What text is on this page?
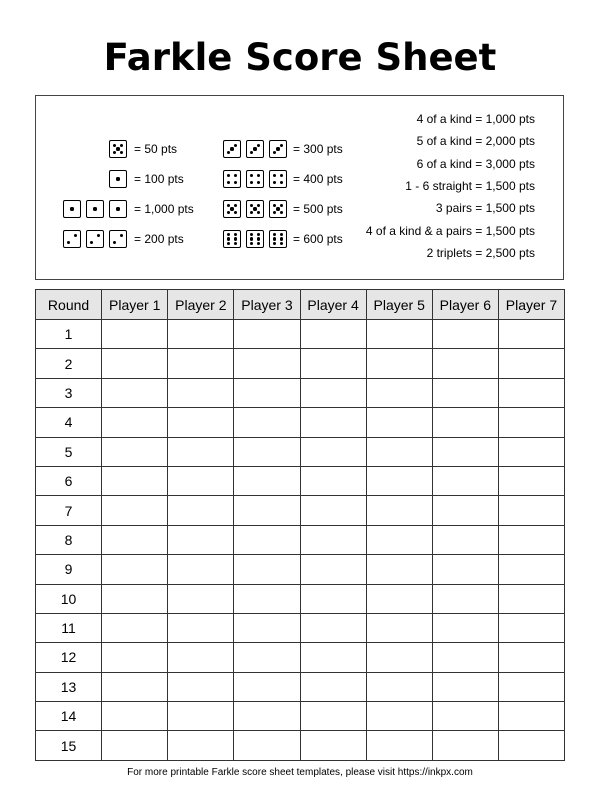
Farkle Score Sheet
= 50 pts
= 100 pts
= 1,000 pts
= 200 pts
= 300 pts
= 400 pts
= 500 pts
= 600 pts
4 of a kind = 1,000 pts
5 of a kind = 2,000 pts
6 of a kind = 3,000 pts
1 - 6 straight = 1,500 pts
3 pairs = 1,500 pts
4 of a kind & a pairs = 1,500 pts
2 triplets = 2,500 pts
Round	Player 1	Player 2	Player 3	Player 4	Player 5	Player 6	Player 7
1							
2							
3							
4							
5							
6							
7							
8							
9							
10							
11							
12							
13							
14							
15							
For more printable Farkle score sheet templates, please visit https://inkpx.com
